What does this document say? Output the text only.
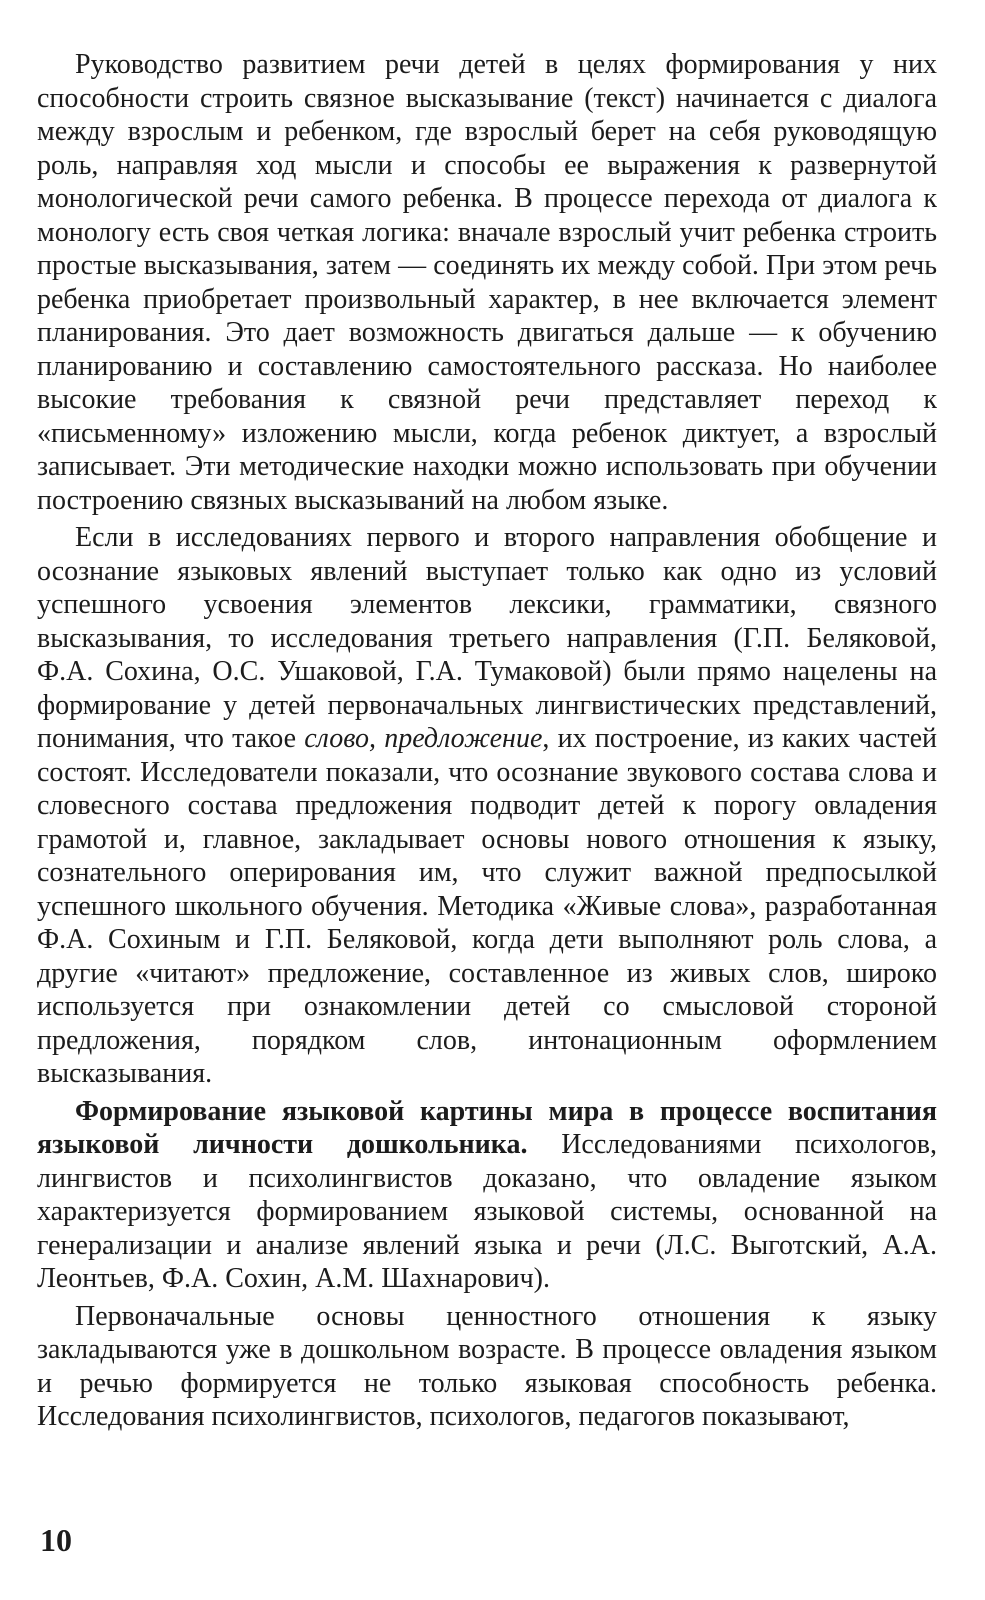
Руководство развитием речи детей в целях формирования у них способности строить связное высказывание (текст) начинается с диалога между взрослым и ребенком, где взрослый берет на себя руководящую роль, направляя ход мысли и способы ее выражения к развернутой монологической речи самого ребенка. В процессе перехода от диалога к монологу есть своя четкая логика: вначале взрослый учит ребенка строить простые высказывания, затем — соединять их между собой. При этом речь ребенка приобретает произвольный характер, в нее включается элемент планирования. Это дает возможность двигаться дальше — к обучению планированию и составлению самостоятельного рассказа. Но наиболее высокие требования к связной речи представляет переход к «письменному» изложению мысли, когда ребенок диктует, а взрослый записывает. Эти методические находки можно использовать при обучении построению связных высказываний на любом языке.

Если в исследованиях первого и второго направления обобщение и осознание языковых явлений выступает только как одно из условий успешного усвоения элементов лексики, грамматики, связного высказывания, то исследования третьего направления (Г.П. Беляковой, Ф.А. Сохина, О.С. Ушаковой, Г.А. Тумаковой) были прямо нацелены на формирование у детей первоначальных лингвистических представлений, понимания, что такое слово, предложение, их построение, из каких частей состоят. Исследователи показали, что осознание звукового состава слова и словесного состава предложения подводит детей к порогу овладения грамотой и, главное, закладывает основы нового отношения к языку, сознательного оперирования им, что служит важной предпосылкой успешного школьного обучения. Методика «Живые слова», разработанная Ф.А. Сохиным и Г.П. Беляковой, когда дети выполняют роль слова, а другие «читают» предложение, составленное из живых слов, широко используется при ознакомлении детей со смысловой стороной предложения, порядком слов, интонационным оформлением высказывания.

Формирование языковой картины мира в процессе воспитания языковой личности дошкольника. Исследованиями психологов, лингвистов и психолингвистов доказано, что овладение языком характеризуется формированием языковой системы, основанной на генерализации и анализе явлений языка и речи (Л.С. Выготский, А.А. Леонтьев, Ф.А. Сохин, А.М. Шахнарович).

Первоначальные основы ценностного отношения к языку закладываются уже в дошкольном возрасте. В процессе овладения языком и речью формируется не только языковая способность ребенка. Исследования психолингвистов, психологов, педагогов показывают,

10
